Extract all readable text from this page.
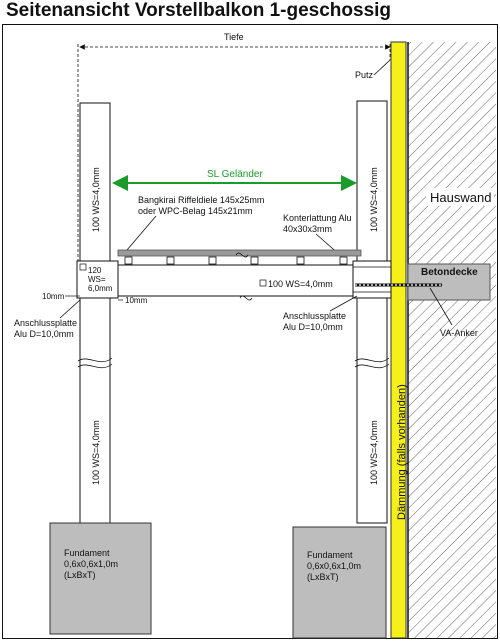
Seitenansicht Vorstellbalkon 1-geschossig
Hauswand
Betondecke
Dämmung (falls vorhanden)
Putz
Tiefe
100 WS=4,0mm	100 WS=4,0mm
SL Geländer
Bangkirai Riffeldiele 145x25mm
oder WPC-Belag 145x21mm
Konterlattung Alu
40x30x3mm
100 WS=4,0mm
120
WS=
6,0mm
VA-Anker
100 WS=4,0mm	100 WS=4,0mm
10mm	10mm
Anschlussplatte
Alu D=10,0mm
Anschlussplatte
Alu D=10,0mm
Fundament
0,6x0,6x1,0m
(LxBxT)
Fundament
0,6x0,6x1,0m
(LxBxT)
